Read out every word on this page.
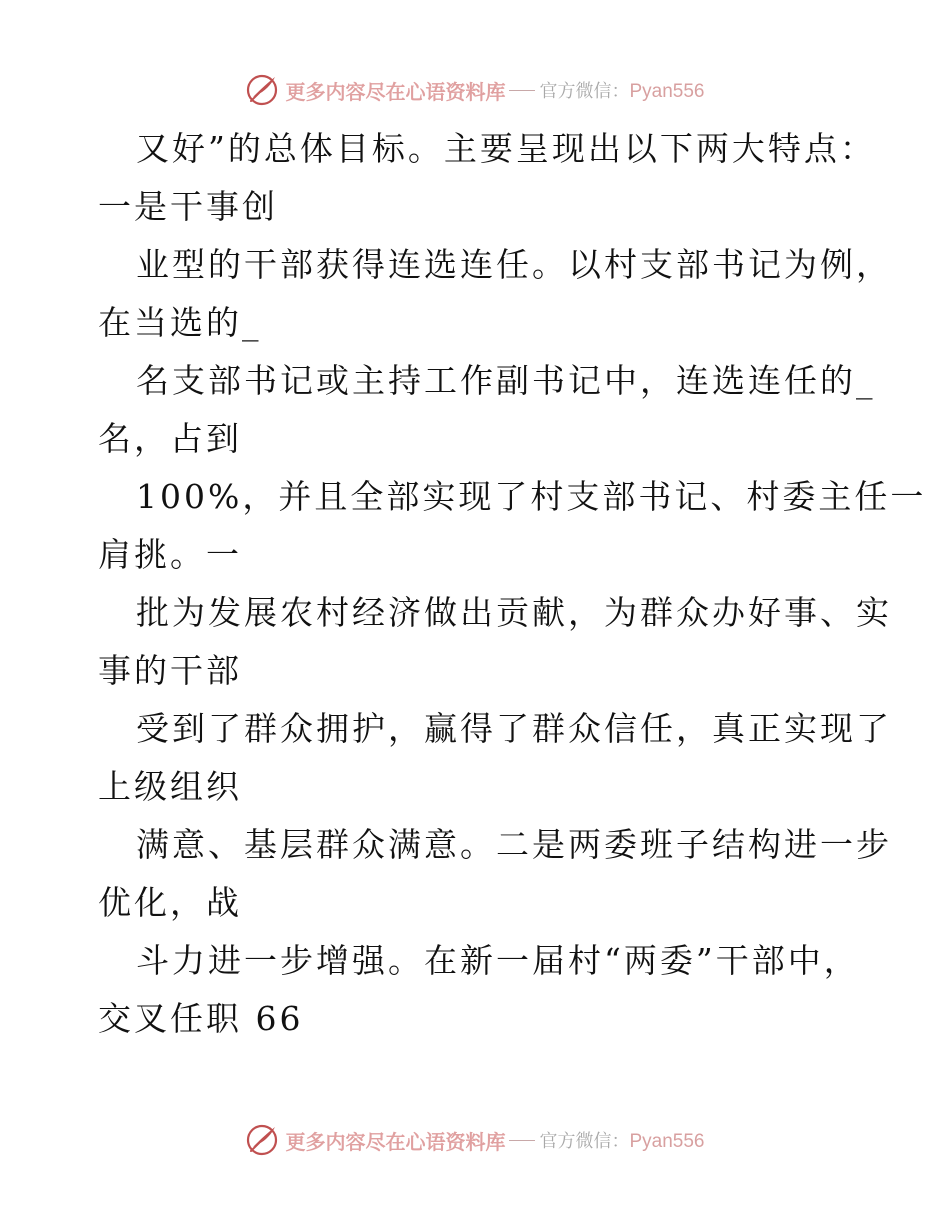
更多内容尽在心语资料库 官方微信：Pyan556
又好”的总体目标。主要呈现出以下两大特点：
一是干事创
业型的干部获得连选连任。以村支部书记为例，
在当选的_
名支部书记或主持工作副书记中，连选连任的_
名，占到
100%，并且全部实现了村支部书记、村委主任一
肩挑。一
批为发展农村经济做出贡献，为群众办好事、实
事的干部
受到了群众拥护，赢得了群众信任，真正实现了
上级组织
满意、基层群众满意。二是两委班子结构进一步
优化，战
斗力进一步增强。在新一届村“两委”干部中，
交叉任职 66
更多内容尽在心语资料库 官方微信：Pyan556
